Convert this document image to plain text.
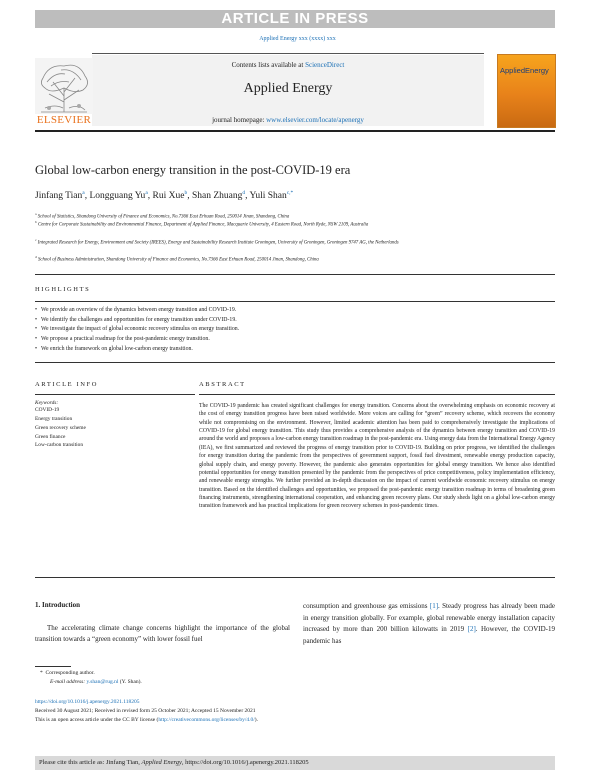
ARTICLE IN PRESS
Applied Energy xxx (xxxx) xxx
Contents lists available at ScienceDirect
Applied Energy
journal homepage: www.elsevier.com/locate/apenergy
ELSEVIER
AppliedEnergy
Global low-carbon energy transition in the post-COVID-19 era
Jinfang Tian$^a$, Longguang Yu$^a$, Rui Xue$^b$, Shan Zhuang$^d$, Yuli Shan$^{c,*}$
$^a$ School of Statistics, Shandong University of Finance and Economics, No.7366 East Erhuan Road, 250014 Jinan, Shandong, China
$^b$ Centre for Corporate Sustainability and Environmental Finance, Department of Applied Finance, Macquarie University, 4 Eastern Road, North Ryde, NSW 2109, Australia
$^c$ Integrated Research for Energy, Environment and Society (IREES), Energy and Sustainability Research Institute Groningen, University of Groningen, Groningen 9747 AG, the Netherlands
$^d$ School of Business Administration, Shandong University of Finance and Economics, No.7366 East Erhuan Road, 250014 Jinan, Shandong, China
HIGHLIGHTS
• We provide an overview of the dynamics between energy transition and COVID-19.
• We identify the challenges and opportunities for energy transition under COVID-19.
• We investigate the impact of global economic recovery stimulus on energy transition.
• We propose a practical roadmap for the post-pandemic energy transition.
• We enrich the framework on global low-carbon energy transition.
ARTICLE INFO
Keywords:
COVID-19
Energy transition
Green recovery scheme
Green finance
Low-carbon transition
ABSTRACT
The COVID-19 pandemic has created significant challenges for energy transition. Concerns about the overwhelming emphasis on economic recovery at the cost of energy transition progress have been raised worldwide. More voices are calling for “green” recovery scheme, which recovers the economy while not compromising on the environment. However, limited academic attention has been paid to comprehensively investigate the implications of COVID-19 for global energy transition. This study thus provides a comprehensive analysis of the dynamics between energy transition and COVID-19 around the world and proposes a low-carbon energy transition roadmap in the post-pandemic era. Using energy data from the International Energy Agency (IEA), we first summarized and reviewed the progress of energy transition prior to COVID-19. Building on prior progress, we identified the challenges for energy transition during the pandemic from the perspectives of government support, fossil fuel divestment, renewable energy production capacity, global supply chain, and energy poverty. However, the pandemic also generates opportunities for global energy transition. We hence also identified potential opportunities for energy transition presented by the pandemic from the perspectives of price competitiveness, policy implementation efficiency, and renewable energy strengths. We further provided an in-depth discussion on the impact of current worldwide economic recovery stimulus on energy transition. Based on the identified challenges and opportunities, we proposed the post-pandemic energy transition roadmap in terms of broadening green financing instruments, strengthening international cooperation, and enhancing green recovery plans. Our study sheds light on a global low-carbon energy transition framework and has practical implications for green recovery schemes in post-pandemic times.
1. Introduction
The accelerating climate change concerns highlight the importance of the global transition towards a “green economy” with lower fossil fuel
consumption and greenhouse gas emissions [1]. Steady progress has already been made in energy transition globally. For example, global renewable energy installation capacity increased by more than 200 billion kilowatts in 2019 [2]. However, the COVID-19 pandemic has
* Corresponding author.
E-mail address: y.shan@rug.nl (Y. Shan).
https://doi.org/10.1016/j.apenergy.2021.118205
Received 30 August 2021; Received in revised form 25 October 2021; Accepted 15 November 2021
This is an open access article under the CC BY license (http://creativecommons.org/licenses/by/4.0/).
Please cite this article as: Jinfang Tian, Applied Energy, https://doi.org/10.1016/j.apenergy.2021.118205
